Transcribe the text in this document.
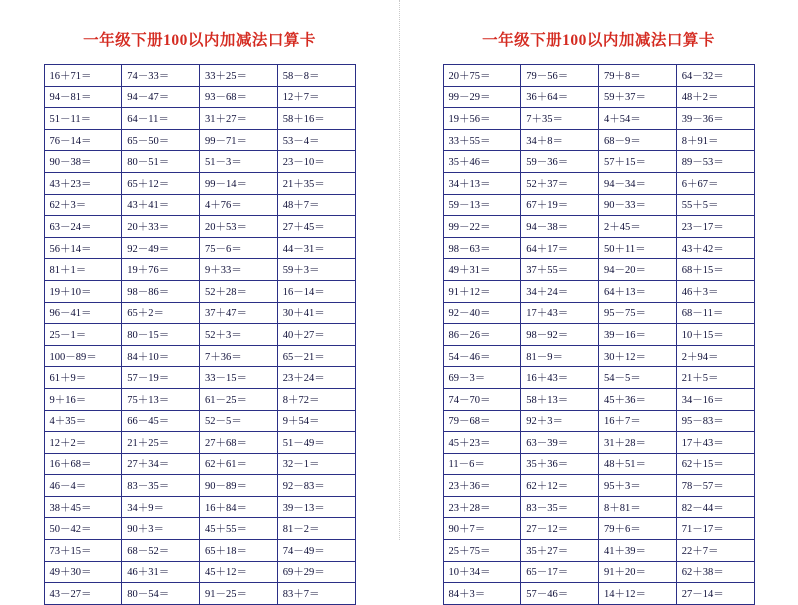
一年级下册100以内加减法口算卡
16＋71＝	74－33＝	33＋25＝	58－8＝
94－81＝	94－47＝	93－68＝	12＋7＝
51－11＝	64－11＝	31＋27＝	58＋16＝
76－14＝	65－50＝	99－71＝	53－4＝
90－38＝	80－51＝	51－3＝	23－10＝
43＋23＝	65＋12＝	99－14＝	21＋35＝
62＋3＝	43＋41＝	4＋76＝	48＋7＝
63－24＝	20＋33＝	20＋53＝	27＋45＝
56＋14＝	92－49＝	75－6＝	44－31＝
81＋1＝	19＋76＝	9＋33＝	59＋3＝
19＋10＝	98－86＝	52＋28＝	16－14＝
96－41＝	65＋2＝	37＋47＝	30＋41＝
25－1＝	80－15＝	52＋3＝	40＋27＝
100－89＝	84＋10＝	7＋36＝	65－21＝
61＋9＝	57－19＝	33－15＝	23＋24＝
9＋16＝	75＋13＝	61－25＝	8＋72＝
4＋35＝	66－45＝	52－5＝	9＋54＝
12＋2＝	21＋25＝	27＋68＝	51－49＝
16＋68＝	27＋34＝	62＋61＝	32－1＝
46－4＝	83－35＝	90－89＝	92－83＝
38＋45＝	34＋9＝	16＋84＝	39－13＝
50－42＝	90＋3＝	45＋55＝	81－2＝
73＋15＝	68－52＝	65＋18＝	74－49＝
49＋30＝	46＋31＝	45＋12＝	69＋29＝
43－27＝	80－54＝	91－25＝	83＋7＝
一年级下册100以内加减法口算卡
20＋75＝	79－56＝	79＋8＝	64－32＝
99－29＝	36＋64＝	59＋37＝	48＋2＝
19＋56＝	7＋35＝	4＋54＝	39－36＝
33＋55＝	34＋8＝	68－9＝	8＋91＝
35＋46＝	59－36＝	57＋15＝	89－53＝
34＋13＝	52＋37＝	94－34＝	6＋67＝
59－13＝	67＋19＝	90－33＝	55＋5＝
99－22＝	94－38＝	2＋45＝	23－17＝
98－63＝	64＋17＝	50＋11＝	43＋42＝
49＋31＝	37＋55＝	94－20＝	68＋15＝
91＋12＝	34＋24＝	64＋13＝	46＋3＝
92－40＝	17＋43＝	95－75＝	68－11＝
86－26＝	98－92＝	39－16＝	10＋15＝
54－46＝	81－9＝	30＋12＝	2＋94＝
69－3＝	16＋43＝	54－5＝	21＋5＝
74－70＝	58＋13＝	45＋36＝	34－16＝
79－68＝	92＋3＝	16＋7＝	95－83＝
45＋23＝	63－39＝	31＋28＝	17＋43＝
11－6＝	35＋36＝	48＋51＝	62＋15＝
23＋36＝	62＋12＝	95＋3＝	78－57＝
23＋28＝	83－35＝	8＋81＝	82－44＝
90＋7＝	27－12＝	79＋6＝	71－17＝
25＋75＝	35＋27＝	41＋39＝	22＋7＝
10＋34＝	65－17＝	91＋20＝	62＋38＝
84＋3＝	57－46＝	14＋12＝	27－14＝
